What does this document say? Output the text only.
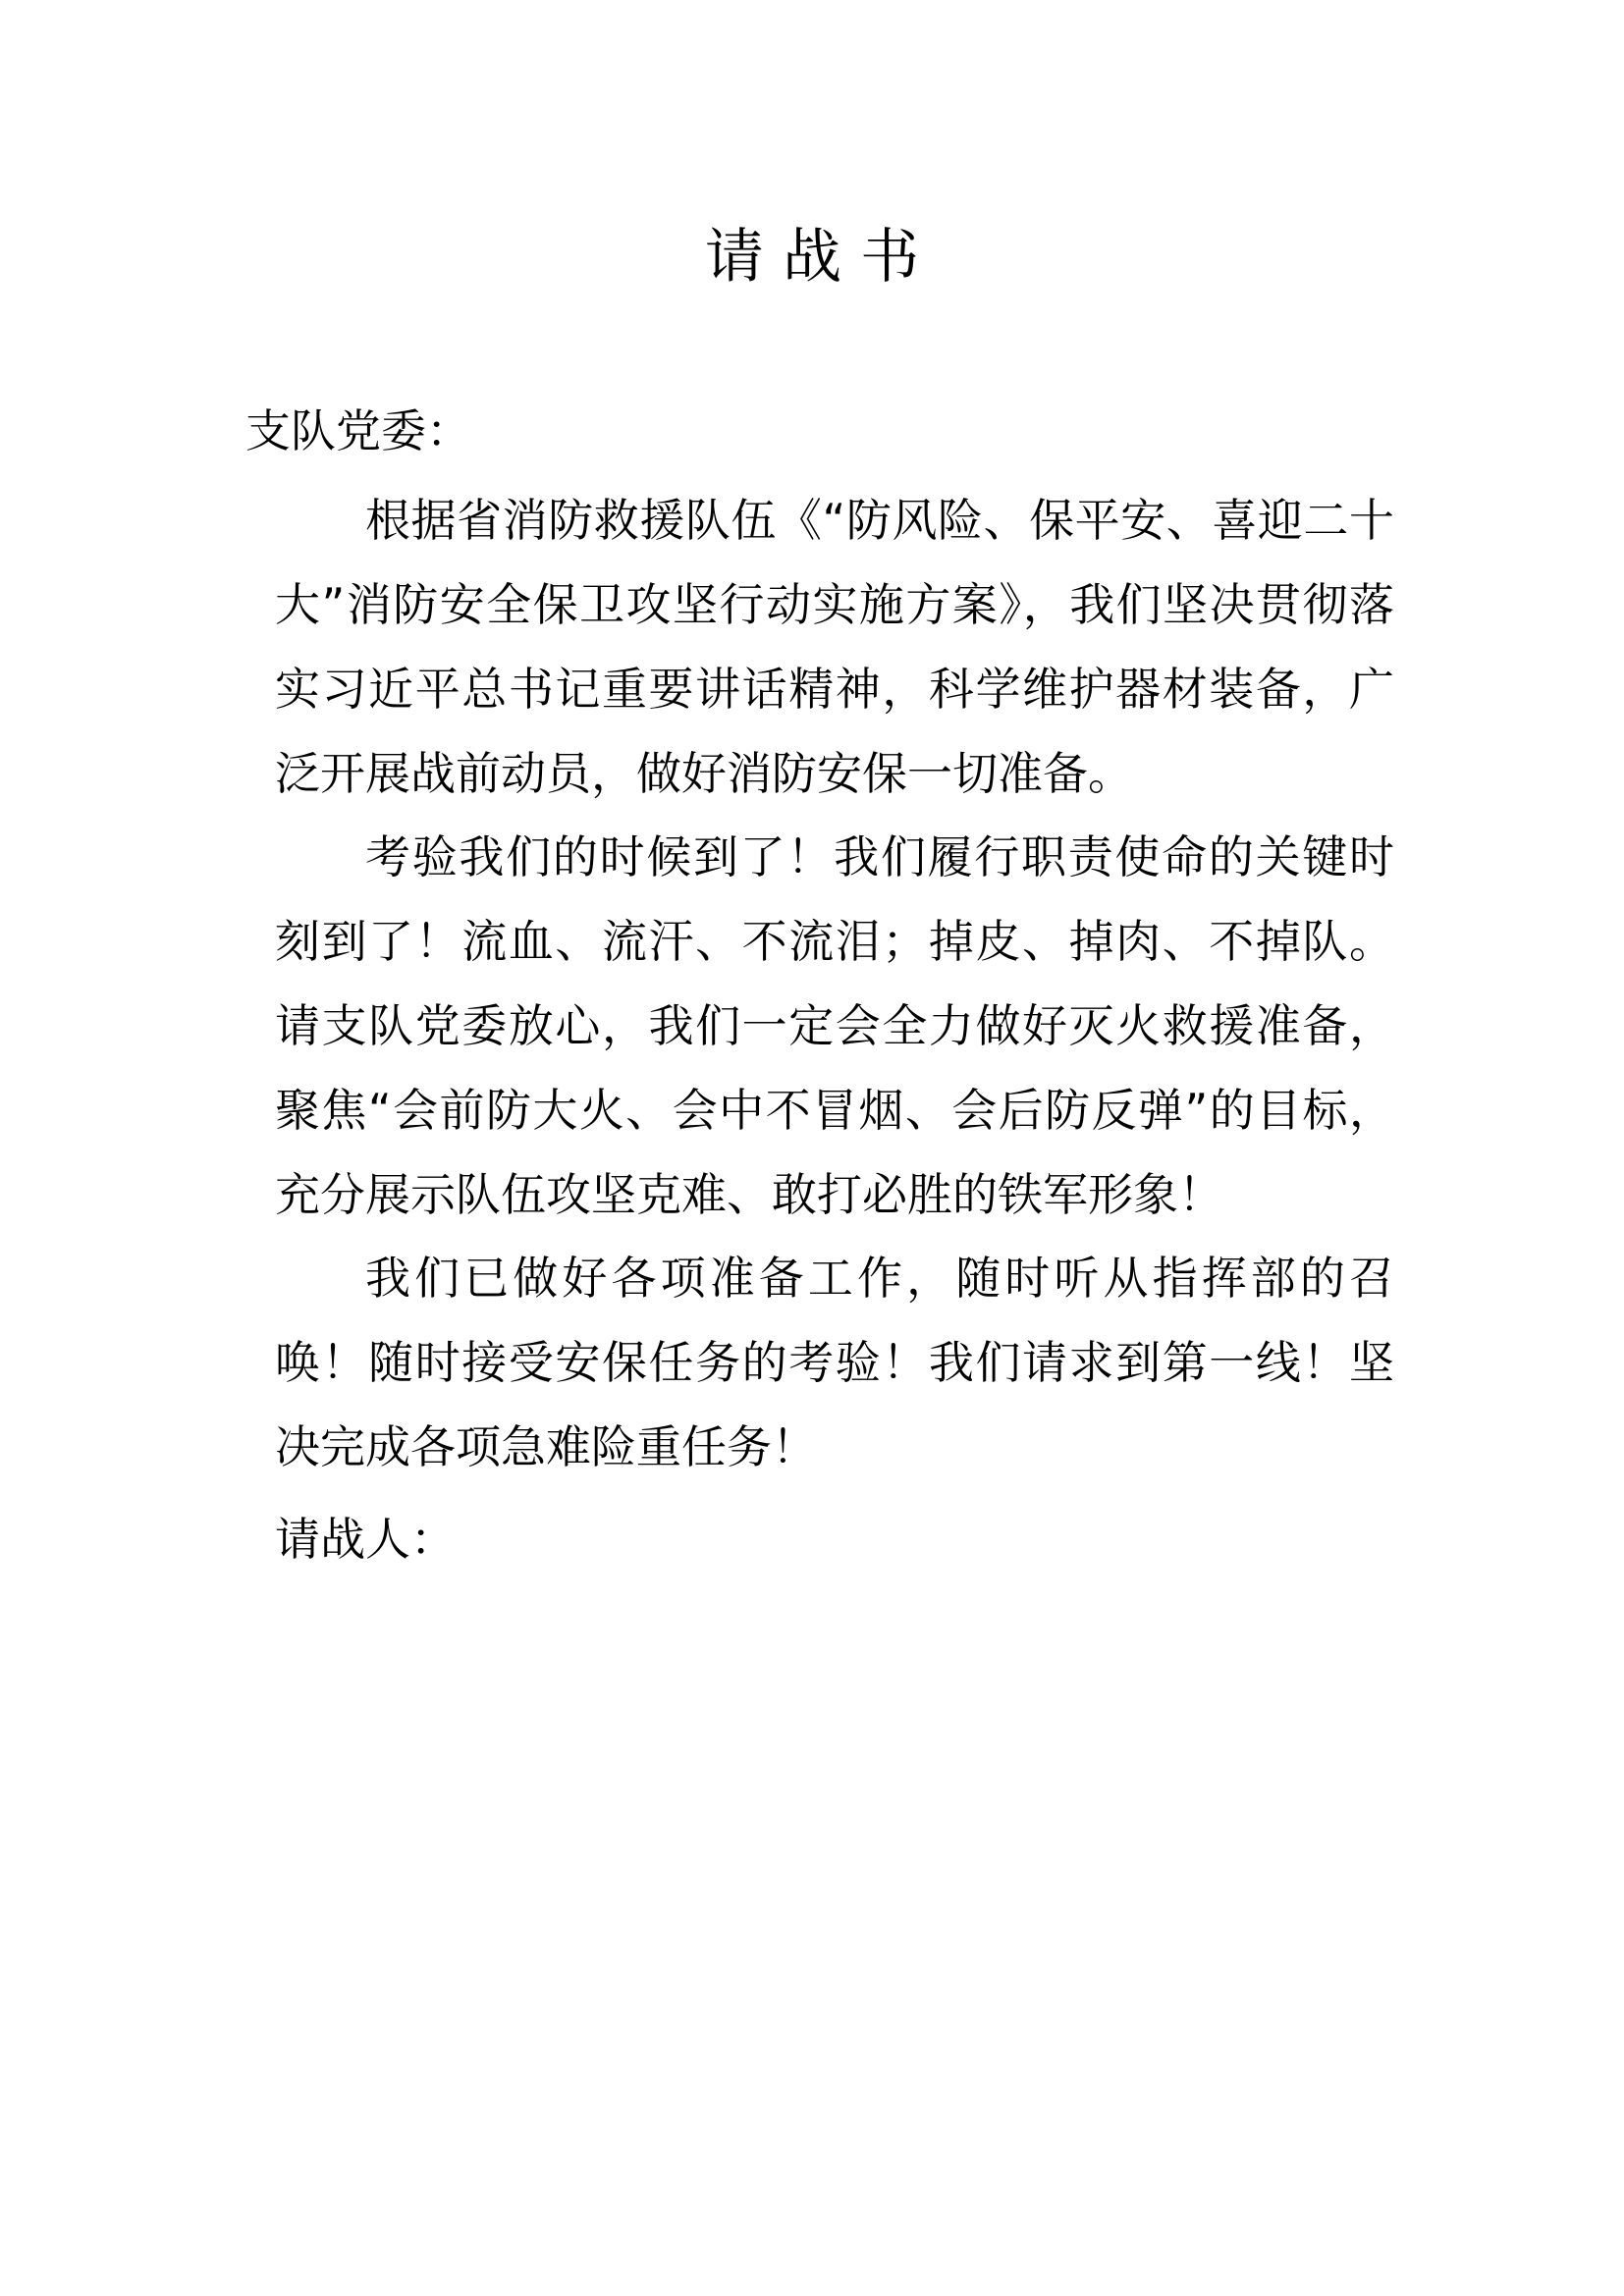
请 战 书
支队党委：
根据省消防救援队伍《“防风险、保平安、喜迎二十大”消防安全保卫攻坚行动实施方案》，我们坚决贯彻落实习近平总书记重要讲话精神，科学维护器材装备，广泛开展战前动员，做好消防安保一切准备。
考验我们的时候到了！我们履行职责使命的关键时刻到了！流血、流汗、不流泪；掉皮、掉肉、不掉队。请支队党委放心，我们一定会全力做好灭火救援准备，聚焦“会前防大火、会中不冒烟、会后防反弹”的目标，充分展示队伍攻坚克难、敢打必胜的铁军形象！
我们已做好各项准备工作，随时听从指挥部的召唤！随时接受安保任务的考验！我们请求到第一线！坚决完成各项急难险重任务！
请战人：
